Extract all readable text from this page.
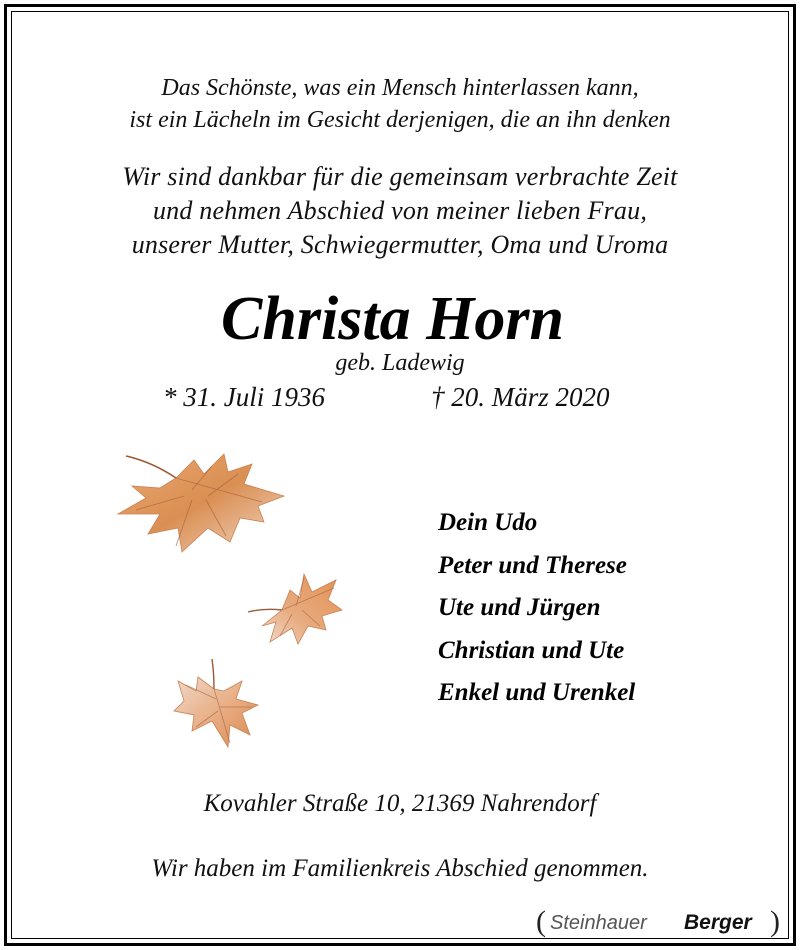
Das Schönste, was ein Mensch hinterlassen kann,
ist ein Lächeln im Gesicht derjenigen, die an ihn denken
Wir sind dankbar für die gemeinsam verbrachte Zeit
und nehmen Abschied von meiner lieben Frau,
unserer Mutter, Schwiegermutter, Oma und Uroma
Christa Horn
geb. Ladewig
* 31. Juli 1936	† 20. März 2020
Dein Udo
Peter und Therese
Ute und Jürgen
Christian und Ute
Enkel und Urenkel
Kovahler Straße 10, 21369 Nahrendorf
Wir haben im Familienkreis Abschied genommen.
( Steinhauer Berger )
